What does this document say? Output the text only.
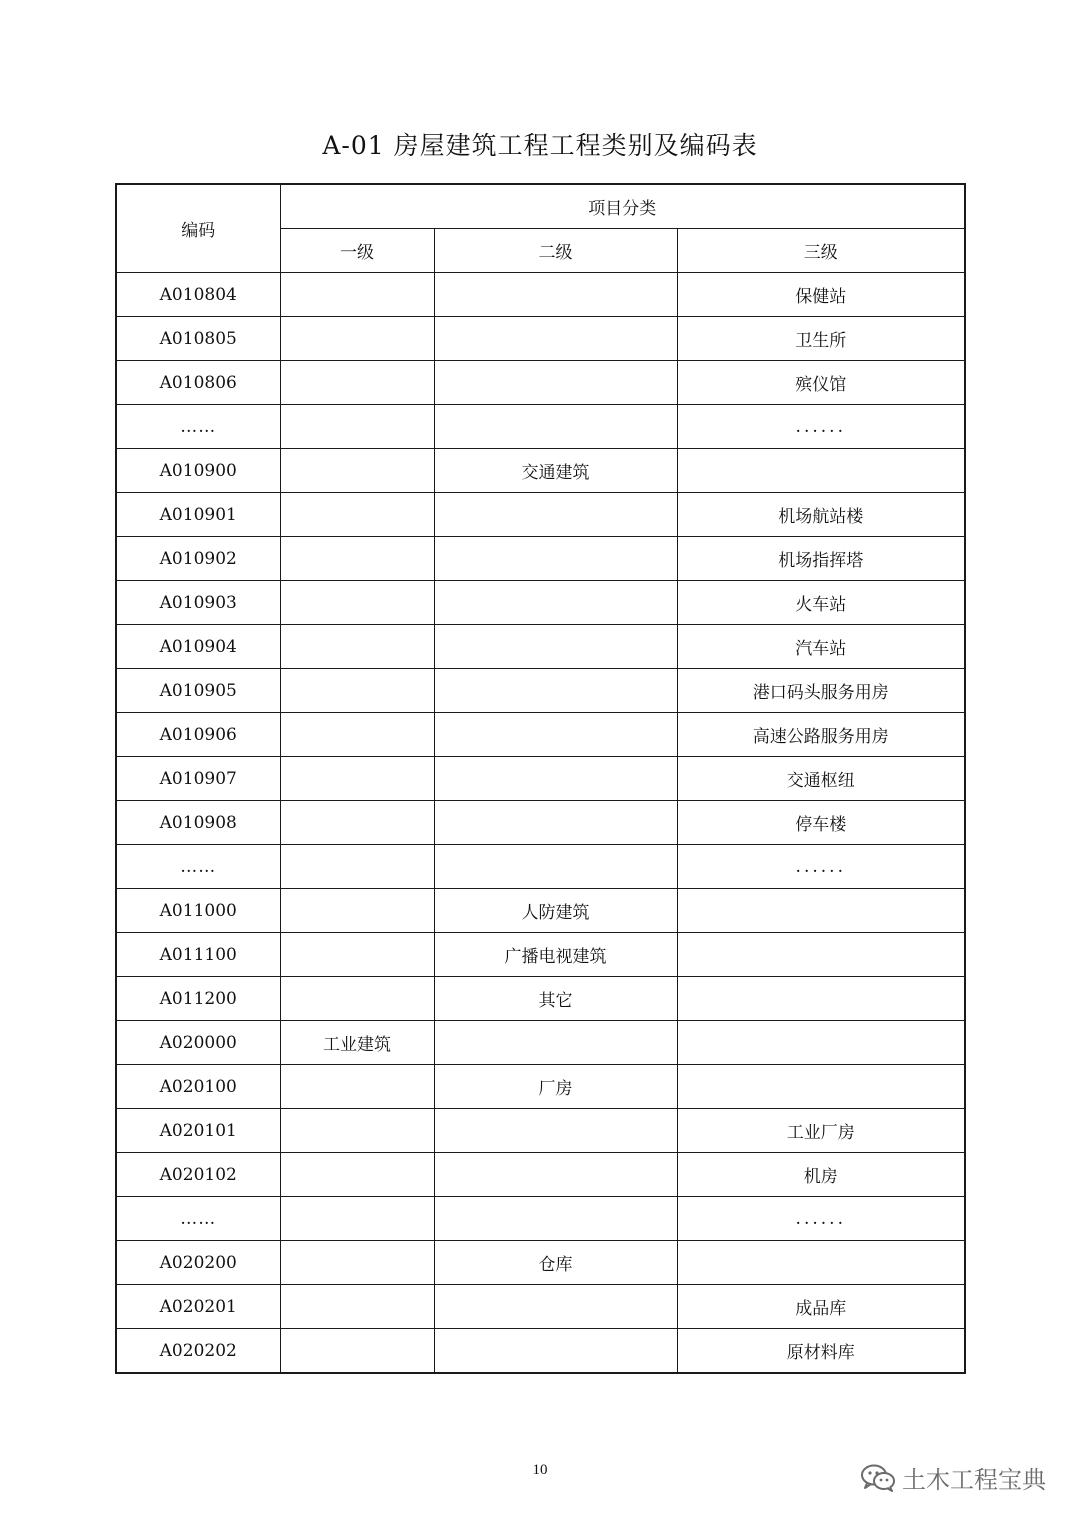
A-01 房屋建筑工程工程类别及编码表
编码	项目分类		
	一级	二级	三级
A010804			保健站
A010805			卫生所
A010806			殡仪馆
……			......
A010900		交通建筑	
A010901			机场航站楼
A010902			机场指挥塔
A010903			火车站
A010904			汽车站
A010905			港口码头服务用房
A010906			高速公路服务用房
A010907			交通枢纽
A010908			停车楼
……			......
A011000		人防建筑	
A011100		广播电视建筑	
A011200		其它	
A020000	工业建筑		
A020100		厂房	
A020101			工业厂房
A020102			机房
……			......
A020200		仓库	
A020201			成品库
A020202			原材料库
10	土木工程宝典
